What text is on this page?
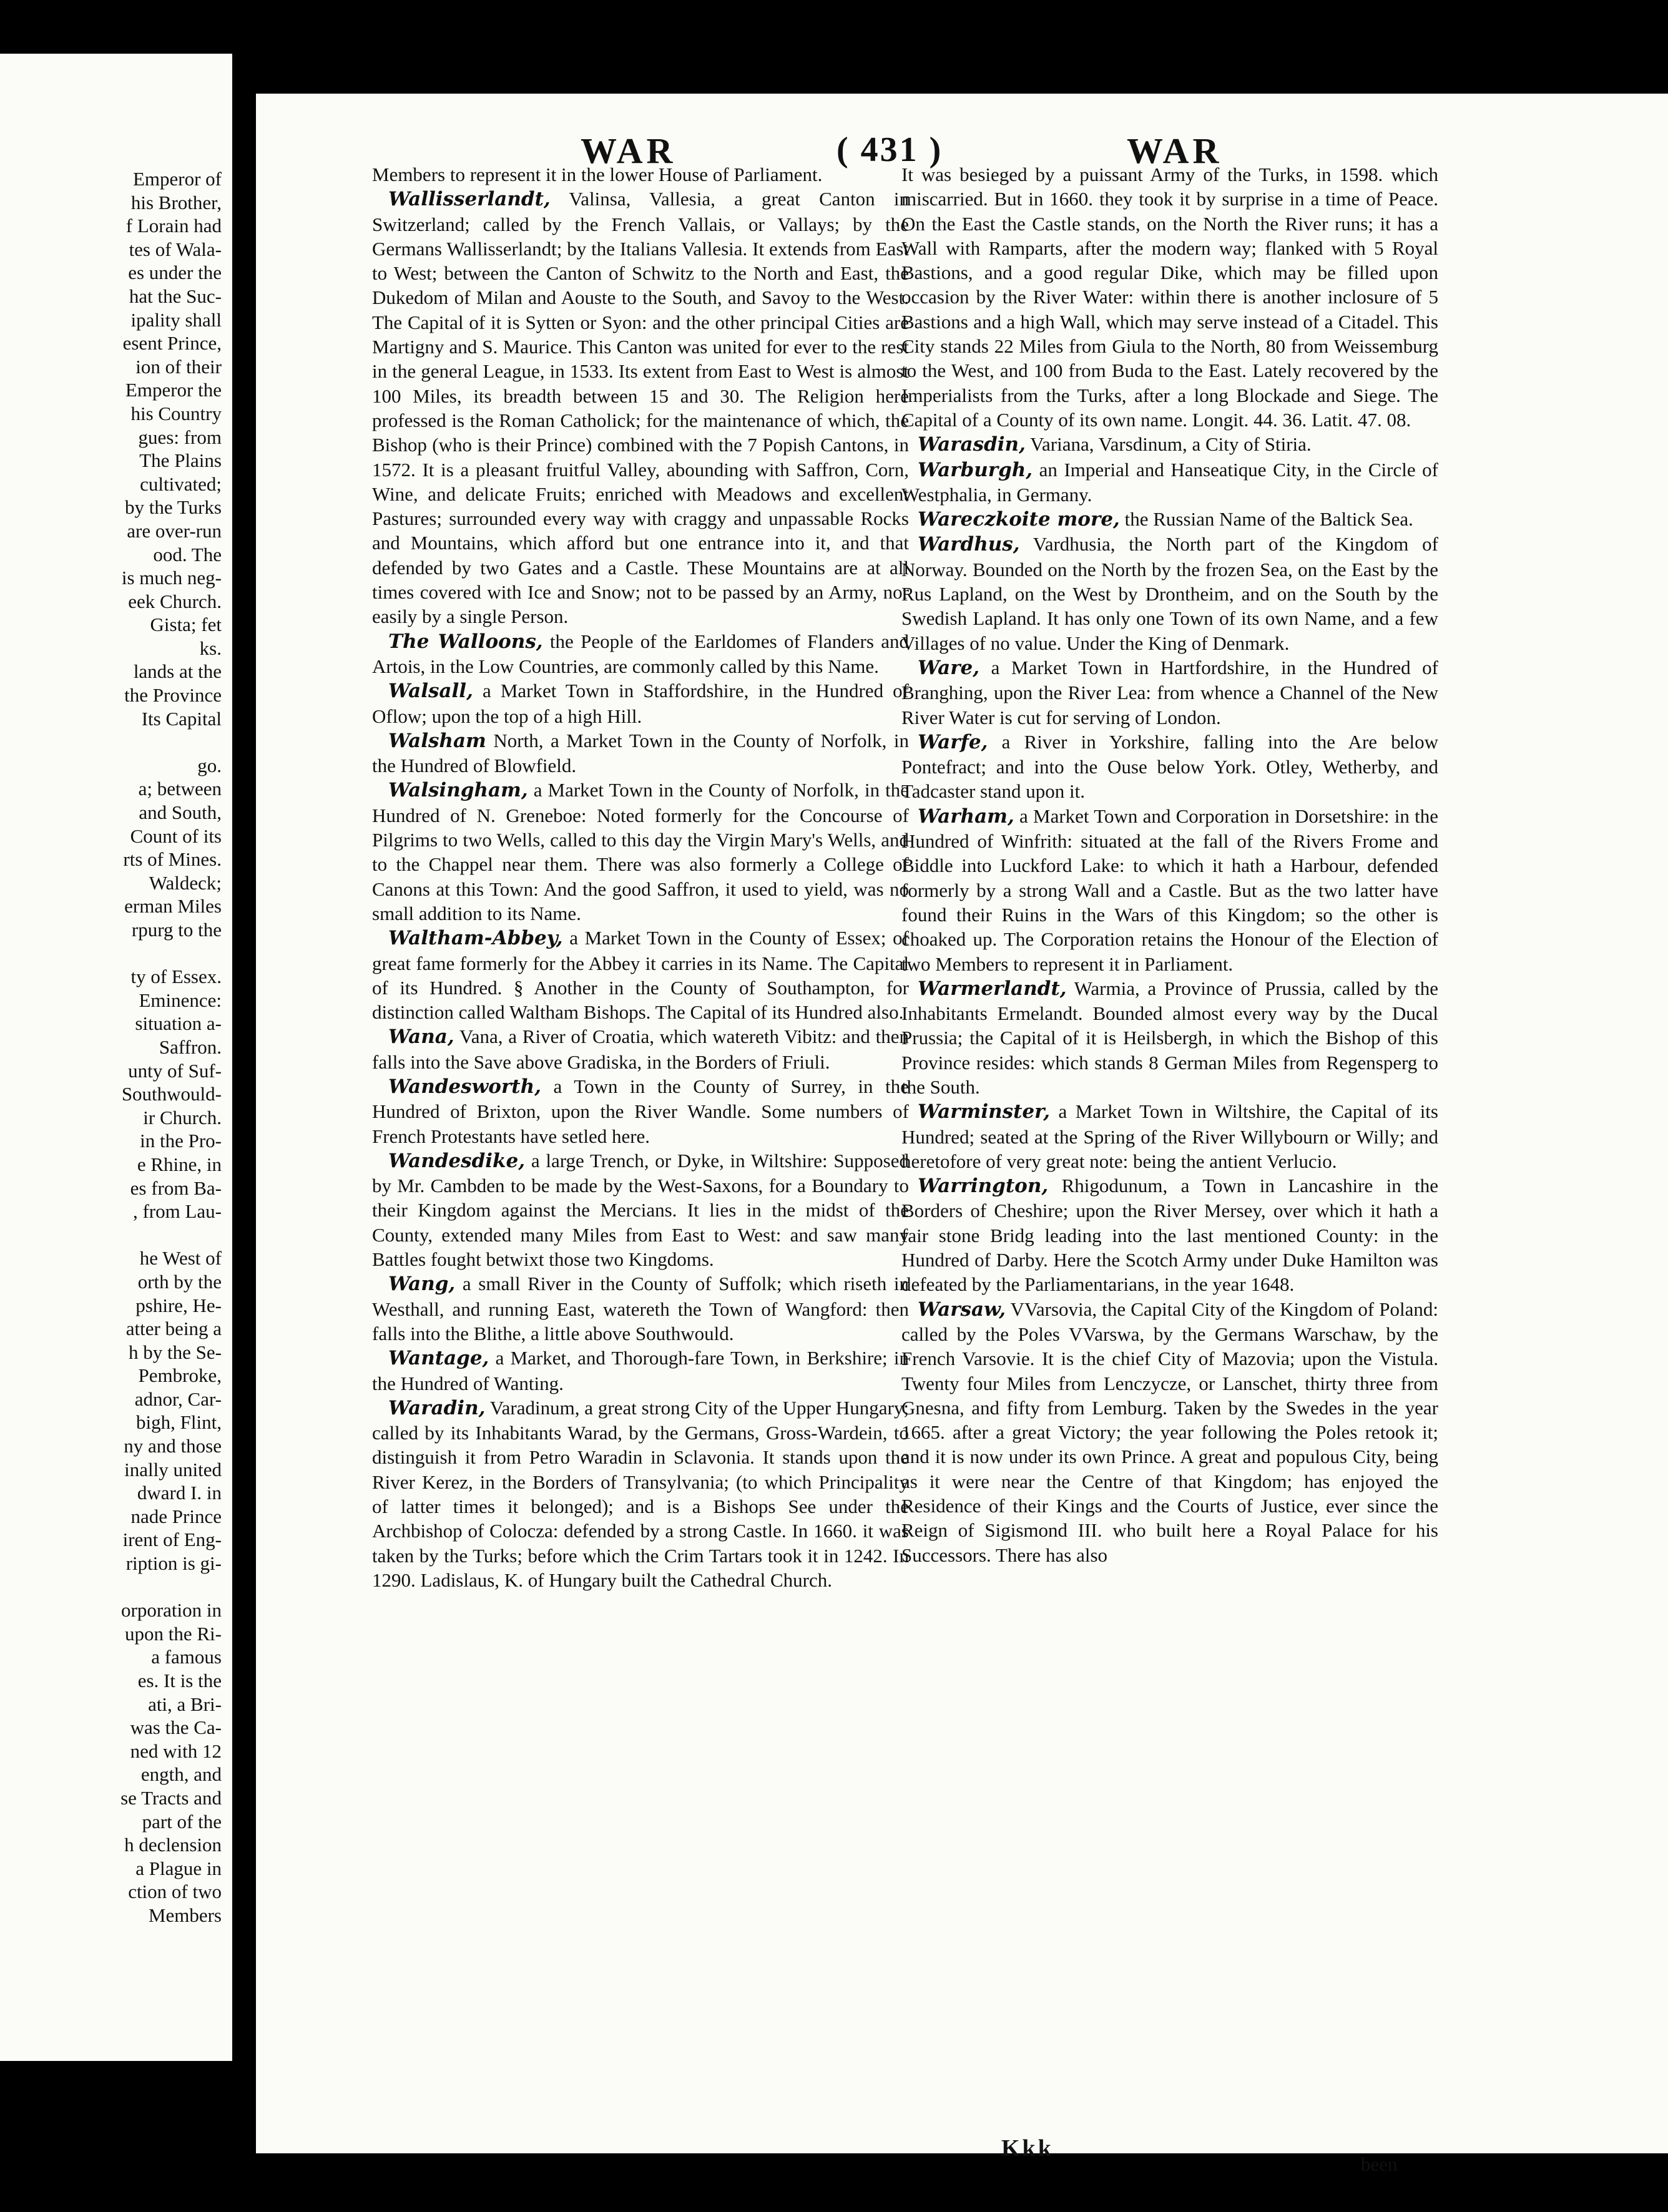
Emperor of
his Brother,
f Lorain had
tes of Wala-
es under the
hat the Suc-
ipality shall
esent Prince,
ion of their
Emperor the
his Country
gues: from
The Plains
cultivated;
by the Turks
are over-run
ood. The
is much neg-
eek Church.
Gista; fet
ks.
lands at the
the Province
Its Capital

go.
a; between
and South,
Count of its
rts of Mines.
Waldeck;
erman Miles
rpurg to the

ty of Essex.
Eminence:
situation a-
Saffron.
unty of Suf-
Southwould-
ir Church.
in the Pro-
e Rhine, in
es from Ba-
, from Lau-

he West of
orth by the
pshire, He-
atter being a
h by the Se-
Pembroke,
adnor, Car-
bigh, Flint,
ny and those
inally united
dward I. in
nade Prince
irent of Eng-
ription is gi-

orporation in
upon the Ri-
a famous
es. It is the
ati, a Bri-
was the Ca-
ned with 12
ength, and
se Tracts and
part of the
h declension
a Plague in
ction of two
Members
WAR	( 431 )	WAR

Members to represent it in the lower House of Parliament.

Wallisserlandt, Valinsa, Vallesia, a great Canton in Switzerland; called by the French Vallais, or Vallays; by the Germans Wallisserlandt; by the Italians Vallesia. It extends from East to West; between the Canton of Schwitz to the North and East, the Dukedom of Milan and Aouste to the South, and Savoy to the West. The Capital of it is Sytten or Syon: and the other principal Cities are Martigny and S. Maurice. This Canton was united for ever to the rest in the general League, in 1533. Its extent from East to West is almost 100 Miles, its breadth between 15 and 30. The Religion here professed is the Roman Catholick; for the maintenance of which, the Bishop (who is their Prince) combined with the 7 Popish Cantons, in 1572. It is a pleasant fruitful Valley, abounding with Saffron, Corn, Wine, and delicate Fruits; enriched with Meadows and excellent Pastures; surrounded every way with craggy and unpassable Rocks and Mountains, which afford but one entrance into it, and that defended by two Gates and a Castle. These Mountains are at all times covered with Ice and Snow; not to be passed by an Army, nor easily by a single Person.

The Walloons, the People of the Earldomes of Flanders and Artois, in the Low Countries, are commonly called by this Name.

Walsall, a Market Town in Staffordshire, in the Hundred of Oflow; upon the top of a high Hill.

Walsham North, a Market Town in the County of Norfolk, in the Hundred of Blowfield.

Walsingham, a Market Town in the County of Norfolk, in the Hundred of N. Greneboe: Noted formerly for the Concourse of Pilgrims to two Wells, called to this day the Virgin Mary's Wells, and to the Chappel near them. There was also formerly a College of Canons at this Town: And the good Saffron, it used to yield, was no small addition to its Name.

Waltham-Abbey, a Market Town in the County of Essex; of great fame formerly for the Abbey it carries in its Name. The Capital of its Hundred. § Another in the County of Southampton, for distinction called Waltham Bishops. The Capital of its Hundred also.

Wana, Vana, a River of Croatia, which watereth Vibitz: and then falls into the Save above Gradiska, in the Borders of Friuli.

Wandesworth, a Town in the County of Surrey, in the Hundred of Brixton, upon the River Wandle. Some numbers of French Protestants have setled here.

Wandesdike, a large Trench, or Dyke, in Wiltshire: Supposed by Mr. Cambden to be made by the West-Saxons, for a Boundary to their Kingdom against the Mercians. It lies in the midst of the County, extended many Miles from East to West: and saw many Battles fought betwixt those two Kingdoms.

Wang, a small River in the County of Suffolk; which riseth in Westhall, and running East, watereth the Town of Wangford: then falls into the Blithe, a little above Southwould.

Wantage, a Market, and Thorough-fare Town, in Berkshire; in the Hundred of Wanting.

Waradin, Varadinum, a great strong City of the Upper Hungary; called by its Inhabitants Warad, by the Germans, Gross-Wardein, to distinguish it from Petro Waradin in Sclavonia. It stands upon the River Kerez, in the Borders of Transylvania; (to which Principality of latter times it belonged); and is a Bishops See under the Archbishop of Colocza: defended by a strong Castle. In 1660. it was taken by the Turks; before which the Crim Tartars took it in 1242. In 1290. Ladislaus, K. of Hungary built the Cathedral Church.

It was besieged by a puissant Army of the Turks, in 1598. which miscarried. But in 1660. they took it by surprise in a time of Peace. On the East the Castle stands, on the North the River runs; it has a Wall with Ramparts, after the modern way; flanked with 5 Royal Bastions, and a good regular Dike, which may be filled upon occasion by the River Water: within there is another inclosure of 5 Bastions and a high Wall, which may serve instead of a Citadel. This City stands 22 Miles from Giula to the North, 80 from Weissemburg to the West, and 100 from Buda to the East. Lately recovered by the Imperialists from the Turks, after a long Blockade and Siege. The Capital of a County of its own name. Longit. 44. 36. Latit. 47. 08.

Warasdin, Variana, Varsdinum, a City of Stiria.

Warburgh, an Imperial and Hanseatique City, in the Circle of Westphalia, in Germany.

Wareczkoite more, the Russian Name of the Baltick Sea.

Wardhus, Vardhusia, the North part of the Kingdom of Norway. Bounded on the North by the frozen Sea, on the East by the Rus Lapland, on the West by Drontheim, and on the South by the Swedish Lapland. It has only one Town of its own Name, and a few Villages of no value. Under the King of Denmark.

Ware, a Market Town in Hartfordshire, in the Hundred of Branghing, upon the River Lea: from whence a Channel of the New River Water is cut for serving of London.

Warfe, a River in Yorkshire, falling into the Are below Pontefract; and into the Ouse below York. Otley, Wetherby, and Tadcaster stand upon it.

Warham, a Market Town and Corporation in Dorsetshire: in the Hundred of Winfrith: situated at the fall of the Rivers Frome and Biddle into Luckford Lake: to which it hath a Harbour, defended formerly by a strong Wall and a Castle. But as the two latter have found their Ruins in the Wars of this Kingdom; so the other is choaked up. The Corporation retains the Honour of the Election of two Members to represent it in Parliament.

Warmerlandt, Warmia, a Province of Prussia, called by the Inhabitants Ermelandt. Bounded almost every way by the Ducal Prussia; the Capital of it is Heilsbergh, in which the Bishop of this Province resides: which stands 8 German Miles from Regensperg to the South.

Warminster, a Market Town in Wiltshire, the Capital of its Hundred; seated at the Spring of the River Willybourn or Willy; and heretofore of very great note: being the antient Verlucio.

Warrington, Rhigodunum, a Town in Lancashire in the Borders of Cheshire; upon the River Mersey, over which it hath a fair stone Bridg leading into the last mentioned County: in the Hundred of Darby. Here the Scotch Army under Duke Hamilton was defeated by the Parliamentarians, in the year 1648.

Warsaw, VVarsovia, the Capital City of the Kingdom of Poland: called by the Poles VVarswa, by the Germans Warschaw, by the French Varsovie. It is the chief City of Mazovia; upon the Vistula. Twenty four Miles from Lenczycze, or Lanschet, thirty three from Gnesna, and fifty from Lemburg. Taken by the Swedes in the year 1665. after a great Victory; the year following the Poles retook it; and it is now under its own Prince. A great and populous City, being as it were near the Centre of that Kingdom; has enjoyed the Residence of their Kings and the Courts of Justice, ever since the Reign of Sigismond III. who built here a Royal Palace for his Successors. There has also

Kkk
been
